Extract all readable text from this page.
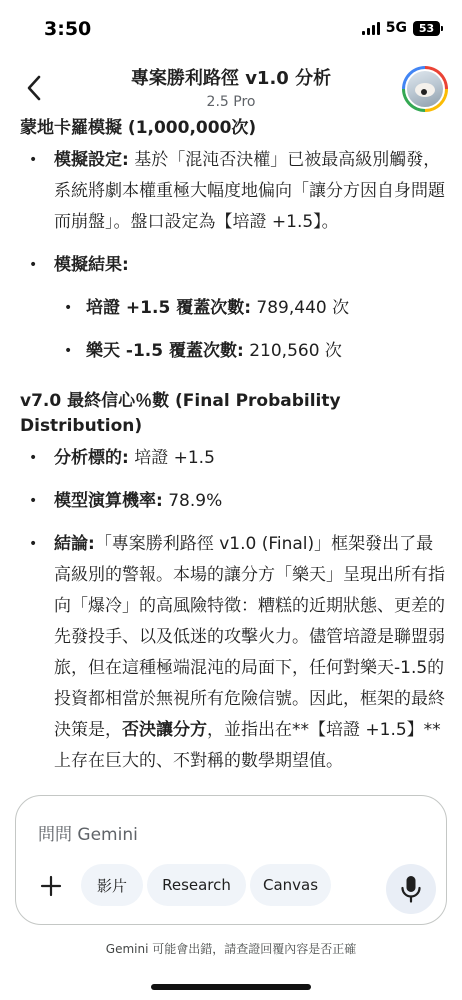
3:50	5G 53
專案勝利路徑 v1.0 分析
2.5 Pro
蒙地卡羅模擬 (1,000,000次)
• 模擬設定: 基於「混沌否決權」已被最高級別觸發，系統將劇本權重極大幅度地偏向「讓分方因自身問題而崩盤」。盤口設定為【培證 +1.5】。
• 模擬結果:
• 培證 +1.5 覆蓋次數: 789,440 次
• 樂天 -1.5 覆蓋次數: 210,560 次
v7.0 最終信心％數 (Final Probability Distribution)
• 分析標的: 培證 +1.5
• 模型演算機率: 78.9%
• 結論:「專案勝利路徑 v1.0 (Final)」框架發出了最高級別的警報。本場的讓分方「樂天」呈現出所有指向「爆冷」的高風險特徵：糟糕的近期狀態、更差的先發投手、以及低迷的攻擊火力。儘管培證是聯盟弱旅，但在這種極端混沌的局面下，任何對樂天-1.5的投資都相當於無視所有危險信號。因此，框架的最終決策是，否決讓分方，並指出在**【培證 +1.5】**上存在巨大的、不對稱的數學期望值。
問問 Gemini
影片	Research	Canvas
Gemini 可能會出錯，請查證回覆內容是否正確
